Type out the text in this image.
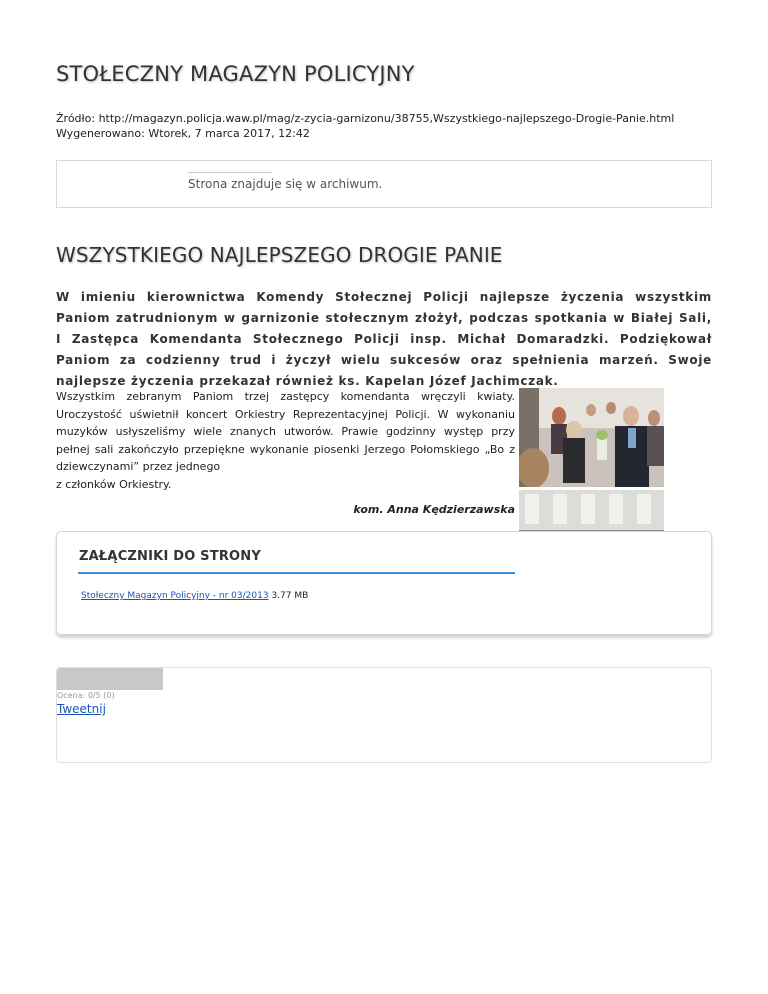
STOŁECZNY MAGAZYN POLICYJNY
Źródło: http://magazyn.policja.waw.pl/mag/z-zycia-garnizonu/38755,Wszystkiego-najlepszego-Drogie-Panie.html
Wygenerowano: Wtorek, 7 marca 2017, 12:42
Strona znajduje się w archiwum.
WSZYSTKIEGO NAJLEPSZEGO DROGIE PANIE

W imieniu kierownictwa Komendy Stołecznej Policji najlepsze życzenia wszystkim Paniom zatrudnionym w garnizonie stołecznym złożył, podczas spotkania w Białej Sali, I Zastępca Komendanta Stołecznego Policji insp. Michał Domaradzki. Podziękował Paniom za codzienny trud i życzył wielu sukcesów oraz spełnienia marzeń. Swoje najlepsze życzenia przekazał również ks. Kapelan Józef Jachimczak.

Wszystkim zebranym Paniom trzej zastępcy komendanta wręczyli kwiaty. Uroczystość uświetnił koncert Orkiestry Reprezentacyjnej Policji. W wykonaniu muzyków usłyszeliśmy wiele znanych utworów. Prawie godzinny występ przy pełnej sali zakończyło przepiękne wykonanie piosenki Jerzego Połomskiego „Bo z dziewczynami” przez jednego
z członków Orkiestry.
kom. Anna Kędzierzawska
ZAŁĄCZNIKI DO STRONY
Stołeczny Magazyn Policyjny - nr 03/2013 3.77 MB
Ocena: 0/5 (0)
Tweetnij
